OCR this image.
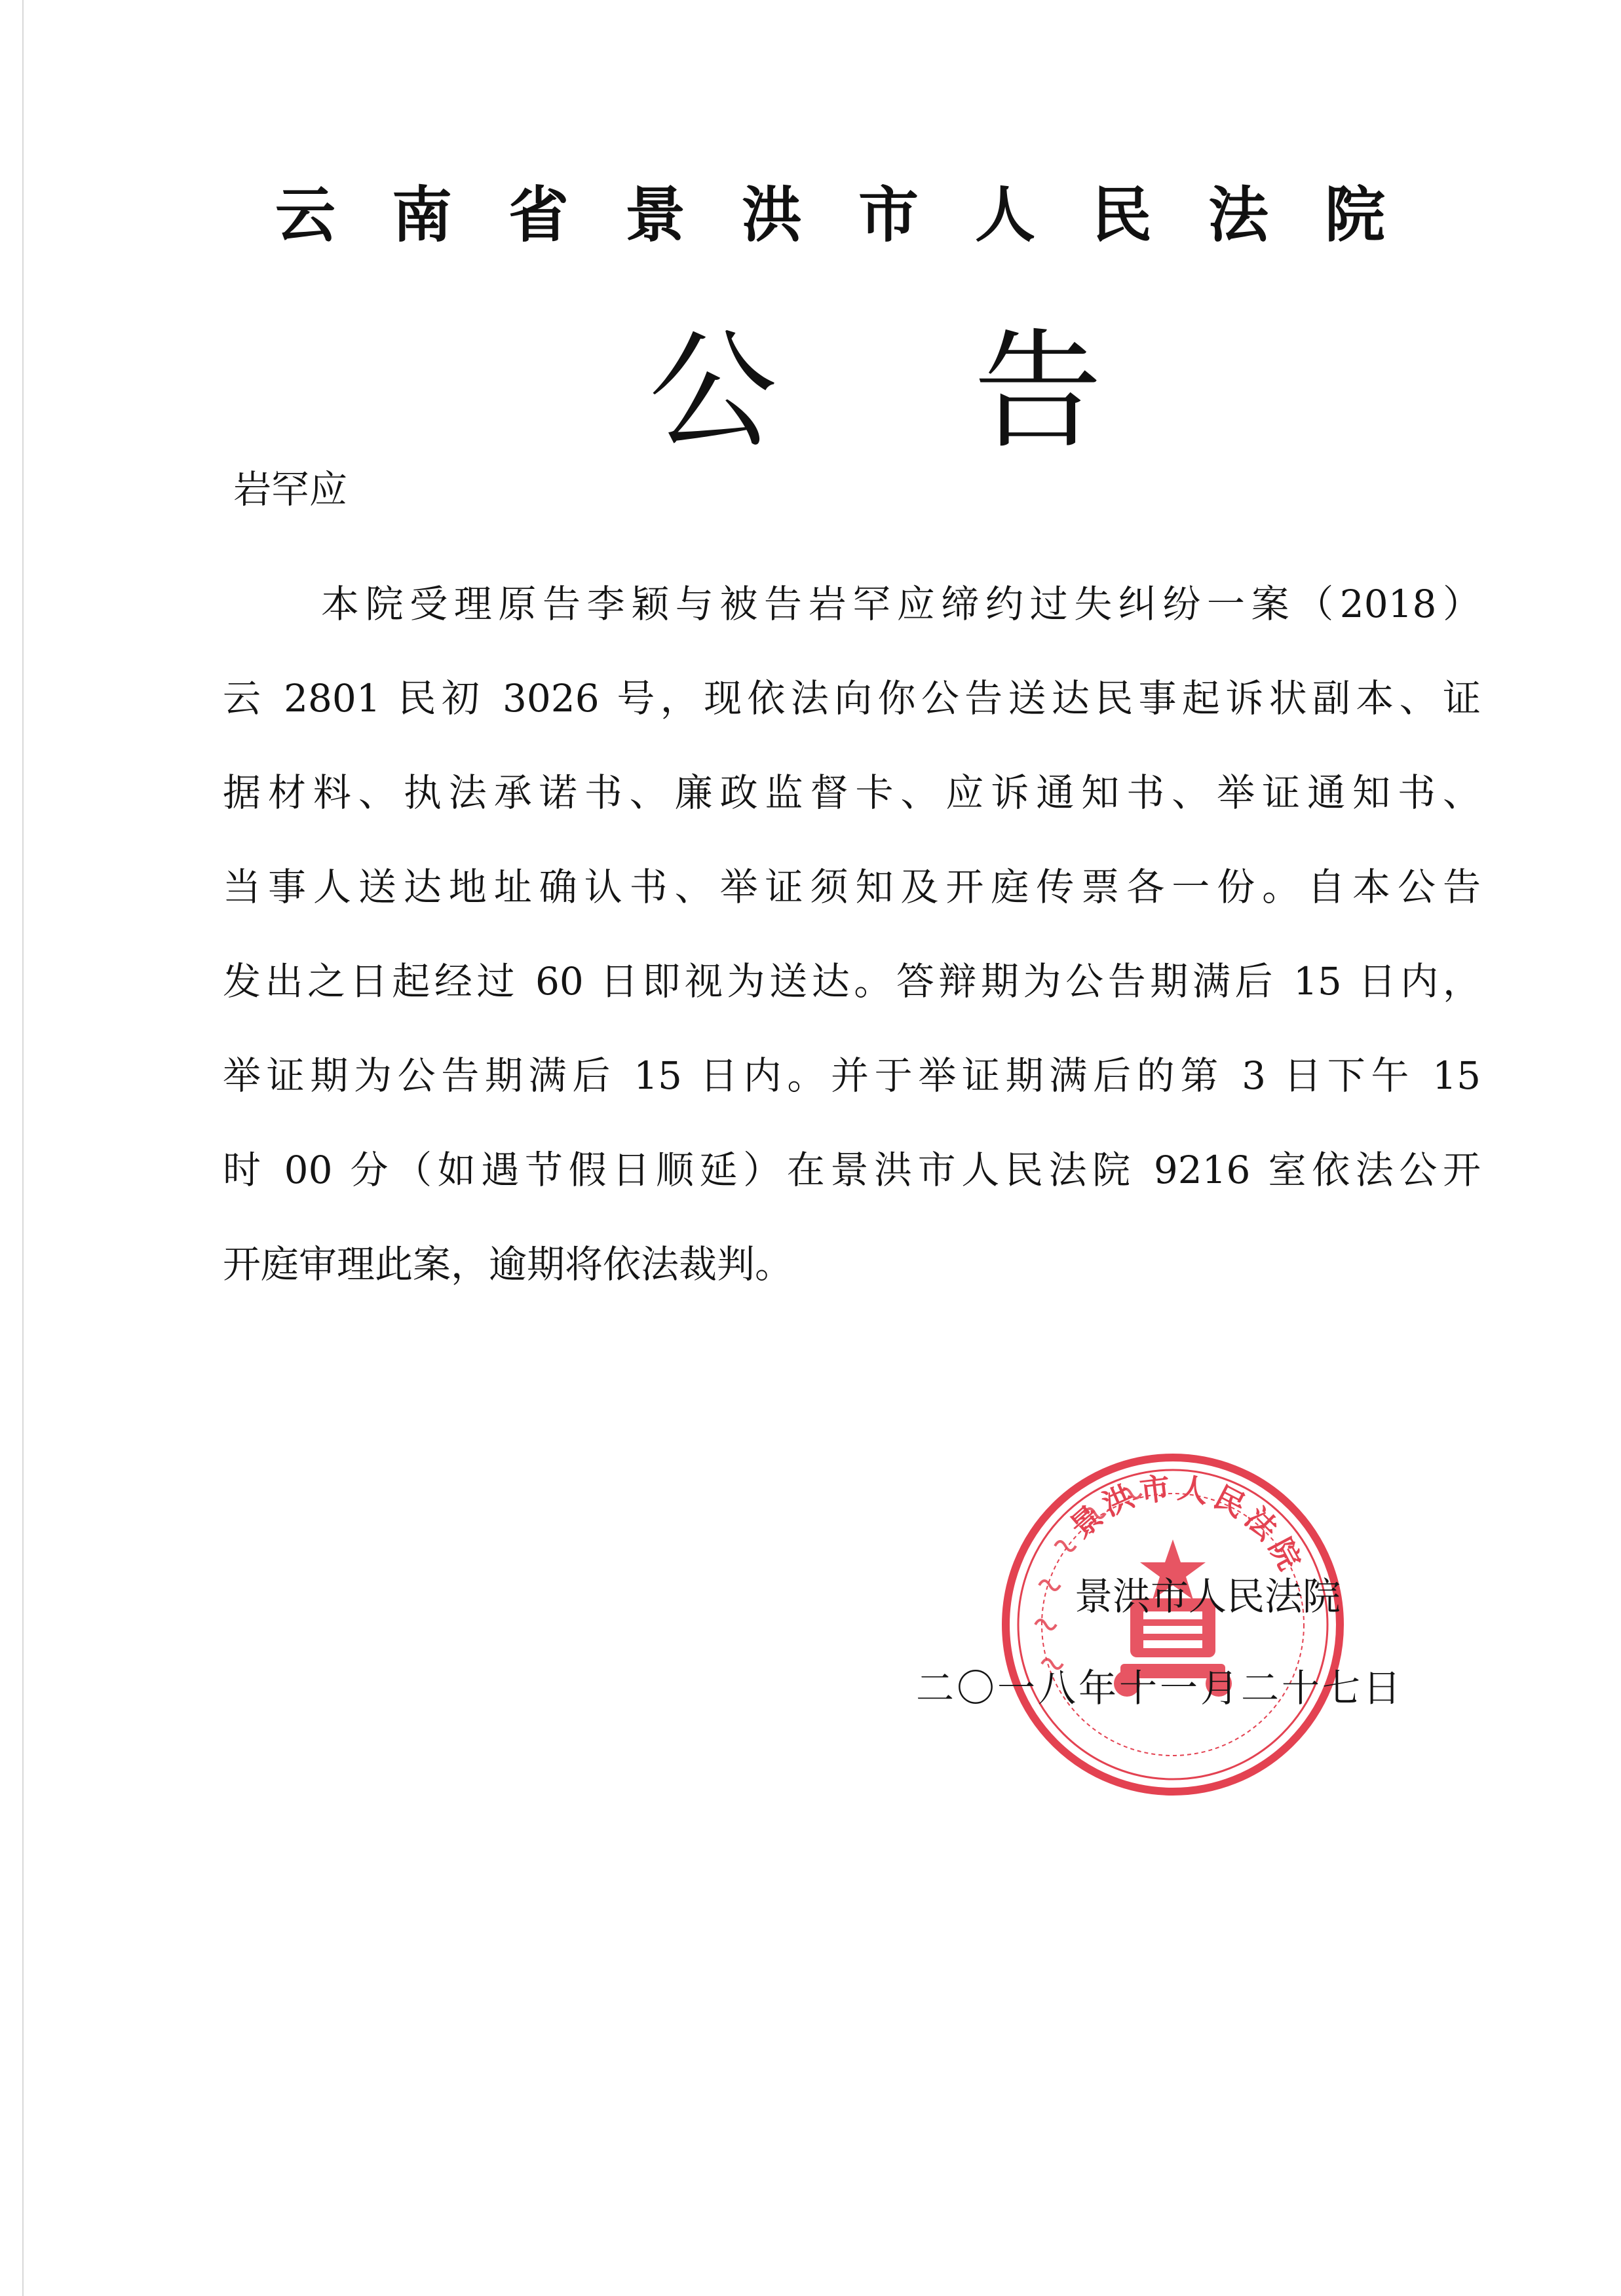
云南省景洪市人民法院
公告
岩罕应
本院受理原告李颖与被告岩罕应缔约过失纠纷一案（2018）
云 2801 民初 3026 号，现依法向你公告送达民事起诉状副本、证
据材料、执法承诺书、廉政监督卡、应诉通知书、举证通知书、
当事人送达地址确认书、举证须知及开庭传票各一份。自本公告
发出之日起经过 60 日即视为送达。答辩期为公告期满后 15 日内，
举证期为公告期满后 15 日内。并于举证期满后的第 3 日下午 15
时 00 分（如遇节假日顺延）在景洪市人民法院 9216 室依法公开
开庭审理此案，逾期将依法裁判。
景洪市人民法院
景洪市人民法院
二〇一八年十一月二十七日
